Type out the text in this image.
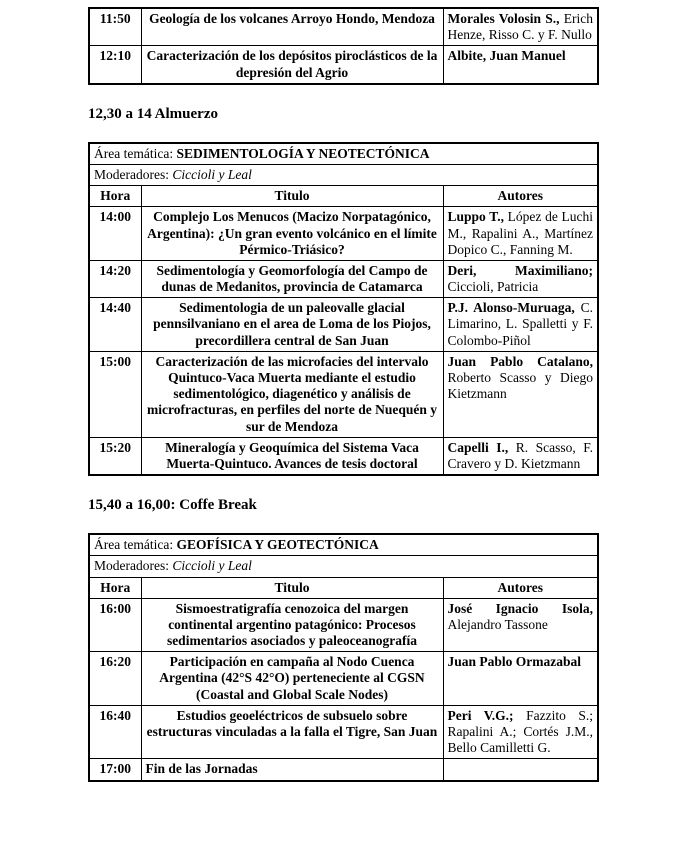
11:50	Geología de los volcanes Arroyo Hondo, Mendoza	Morales Volosin S., Erich Henze, Risso C. y F. Nullo
12:10	Caracterización de los depósitos piroclásticos de la depresión del Agrio	Albite, Juan Manuel
12,30 a 14 Almuerzo
Área temática: SEDIMENTOLOGÍA Y NEOTECTÓNICA		
Moderadores: Ciccioli y Leal		
Hora	Titulo	Autores
14:00	Complejo Los Menucos (Macizo Norpatagónico, Argentina): ¿Un gran evento volcánico en el límite Pérmico-Triásico?	Luppo T., López de Luchi M., Rapalini A., Martínez Dopico C., Fanning M.
14:20	Sedimentología y Geomorfología del Campo de dunas de Medanitos, provincia de Catamarca	Deri, Maximiliano; Ciccioli, Patricia
14:40	Sedimentologia de un paleovalle glacial pennsilvaniano en el area de Loma de los Piojos, precordillera central de San Juan	P.J. Alonso-Muruaga, C. Limarino, L. Spalletti y F. Colombo-Piñol
15:00	Caracterización de las microfacies del intervalo Quintuco-Vaca Muerta mediante el estudio sedimentológico, diagenético y análisis de microfracturas, en perfiles del norte de Nuequén y sur de Mendoza	Juan Pablo Catalano, Roberto Scasso y Diego Kietzmann
15:20	Mineralogía y Geoquímica del Sistema Vaca Muerta-Quintuco. Avances de tesis doctoral	Capelli I., R. Scasso, F. Cravero y D. Kietzmann
15,40 a 16,00: Coffe Break
Área temática: GEOFÍSICA Y GEOTECTÓNICA		
Moderadores: Ciccioli y Leal		
Hora	Titulo	Autores
16:00	Sismoestratigrafía cenozoica del margen continental argentino patagónico: Procesos sedimentarios asociados y paleoceanografía	José Ignacio Isola, Alejandro Tassone
16:20	Participación en campaña al Nodo Cuenca Argentina (42°S 42°O) perteneciente al CGSN (Coastal and Global Scale Nodes)	Juan Pablo Ormazabal
16:40	Estudios geoeléctricos de subsuelo sobre estructuras vinculadas a la falla el Tigre, San Juan	Peri V.G.; Fazzito S.; Rapalini A.; Cortés J.M., Bello Camilletti G.
17:00	Fin de las Jornadas	
